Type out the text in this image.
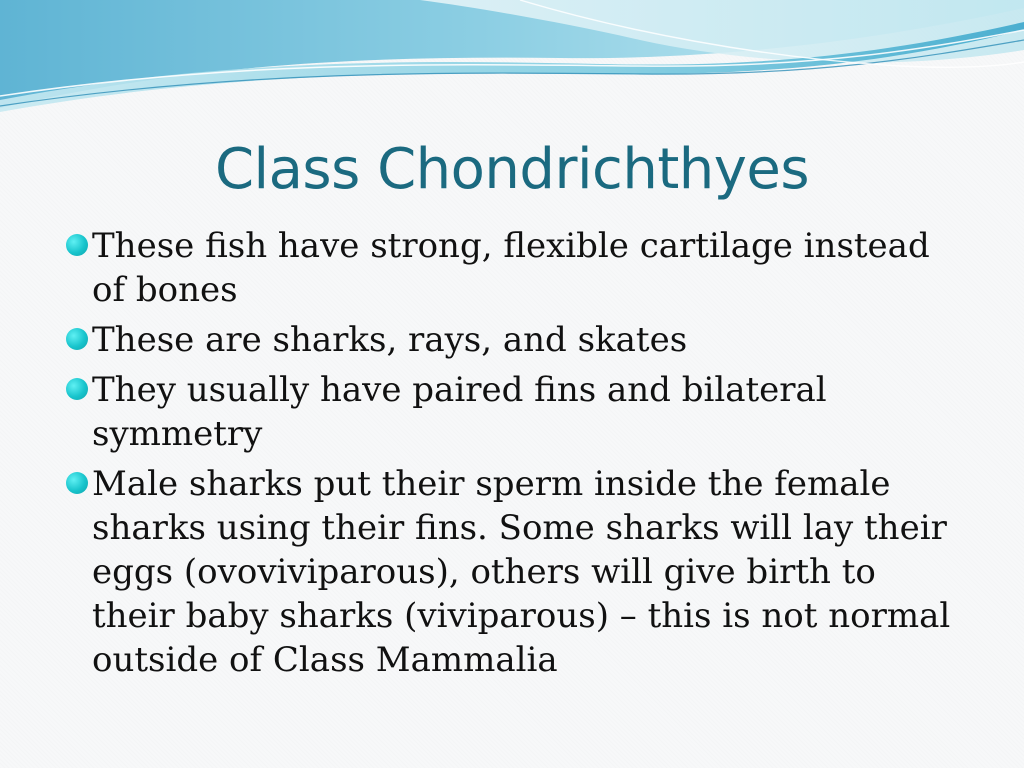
Class Chondrichthyes
These fish have strong, flexible cartilage instead of bones
These are sharks, rays, and skates
They usually have paired fins and bilateral symmetry
Male sharks put their sperm inside the female sharks using their fins. Some sharks will lay their eggs (ovoviviparous), others will give birth to their baby sharks (viviparous) – this is not normal outside of Class Mammalia
